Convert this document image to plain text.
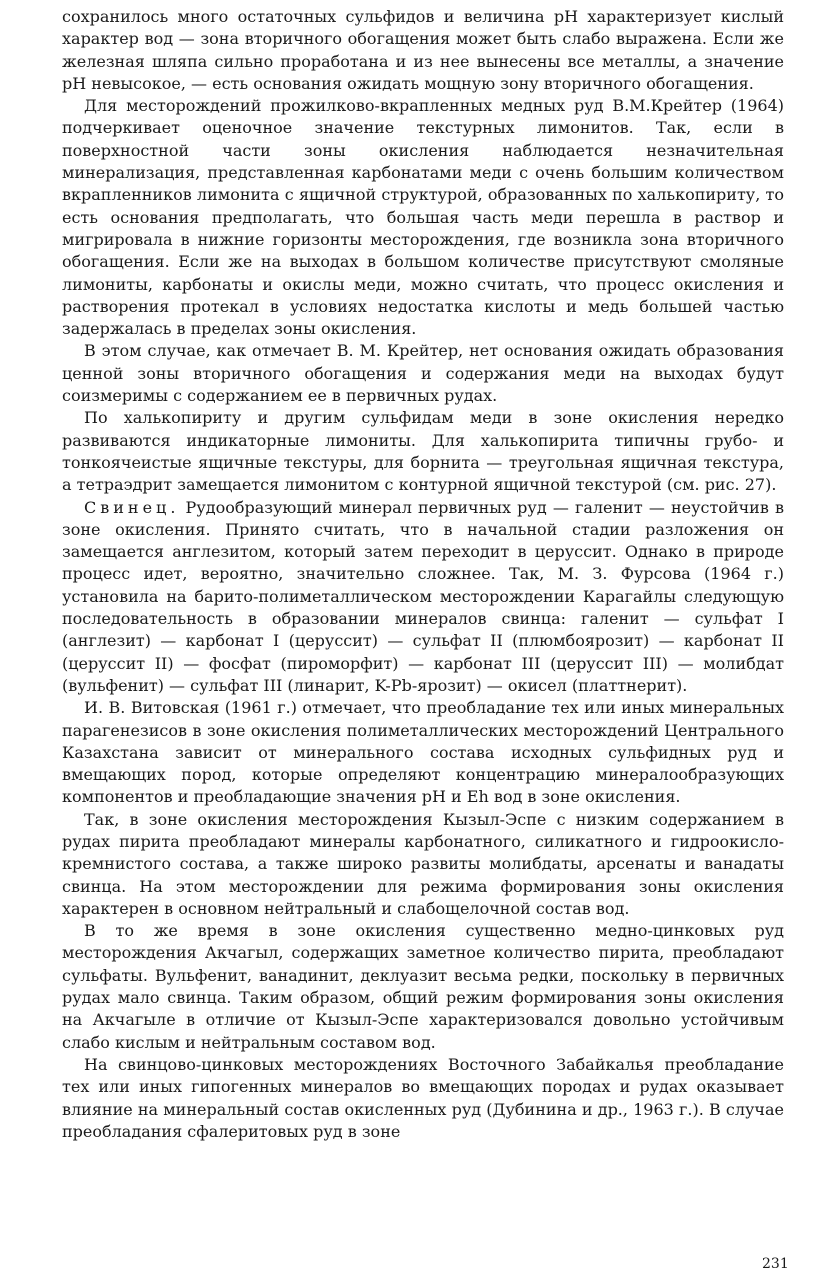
сохранилось много остаточных сульфидов и величина pH характеризует кислый характер вод — зона вторичного обогащения может быть слабо выражена. Если же железная шляпа сильно проработана и из нее вынесены все металлы, а значение pH невысокое, — есть основания ожидать мощную зону вторичного обогащения.

Для месторождений прожилково-вкрапленных медных руд В.М.Крейтер (1964) подчеркивает оценочное значение текстурных лимонитов. Так, если в поверхностной части зоны окисления наблюдается незначительная минерализация, представленная карбонатами меди с очень большим количеством вкрапленников лимонита с ящичной структурой, образованных по халькопириту, то есть основания предполагать, что большая часть меди перешла в раствор и мигрировала в нижние горизонты месторождения, где возникла зона вторичного обогащения. Если же на выходах в большом количестве присутствуют смоляные лимониты, карбонаты и окислы меди, можно считать, что процесс окисления и растворения протекал в условиях недостатка кислоты и медь большей частью задержалась в пределах зоны окисления.

В этом случае, как отмечает В. М. Крейтер, нет основания ожидать образования ценной зоны вторичного обогащения и содержания меди на выходах будут соизмеримы с содержанием ее в первичных рудах.

По халькопириту и другим сульфидам меди в зоне окисления нередко развиваются индикаторные лимониты. Для халькопирита типичны грубо- и тонкоячеистые ящичные текстуры, для борнита — треугольная ящичная текстура, а тетраэдрит замещается лимонитом с контурной ящичной текстурой (см. рис. 27).

Свинец. Рудообразующий минерал первичных руд — галенит — неустойчив в зоне окисления. Принято считать, что в начальной стадии разложения он замещается англезитом, который затем переходит в церуссит. Однако в природе процесс идет, вероятно, значительно сложнее. Так, М. З. Фурсова (1964 г.) установила на барито-полиметаллическом месторождении Карагайлы следующую последовательность в образовании минералов свинца: галенит — сульфат I (англезит) — карбонат I (церуссит) — сульфат II (плюмбоярозит) — карбонат II (церуссит II) — фосфат (пироморфит) — карбонат III (церуссит III) — молибдат (вульфенит) — сульфат III (линарит, K-Pb-ярозит) — окисел (платтнерит).

И. В. Витовская (1961 г.) отмечает, что преобладание тех или иных минеральных парагенезисов в зоне окисления полиметаллических месторождений Центрального Казахстана зависит от минерального состава исходных сульфидных руд и вмещающих пород, которые определяют концентрацию минералообразующих компонентов и преобладающие значения pH и Eh вод в зоне окисления.

Так, в зоне окисления месторождения Кызыл-Эспе с низким содержанием в рудах пирита преобладают минералы карбонатного, силикатного и гидроокисло-кремнистого состава, а также широко развиты молибдаты, арсенаты и ванадаты свинца. На этом месторождении для режима формирования зоны окисления характерен в основном нейтральный и слабощелочной состав вод.

В то же время в зоне окисления существенно медно-цинковых руд месторождения Акчагыл, содержащих заметное количество пирита, преобладают сульфаты. Вульфенит, ванадинит, деклуазит весьма редки, поскольку в первичных рудах мало свинца. Таким образом, общий режим формирования зоны окисления на Акчагыле в отличие от Кызыл-Эспе характеризовался довольно устойчивым слабо кислым и нейтральным составом вод.

На свинцово-цинковых месторождениях Восточного Забайкалья преобладание тех или иных гипогенных минералов во вмещающих породах и рудах оказывает влияние на минеральный состав окисленных руд (Дубинина и др., 1963 г.). В случае преобладания сфалеритовых руд в зоне

231
